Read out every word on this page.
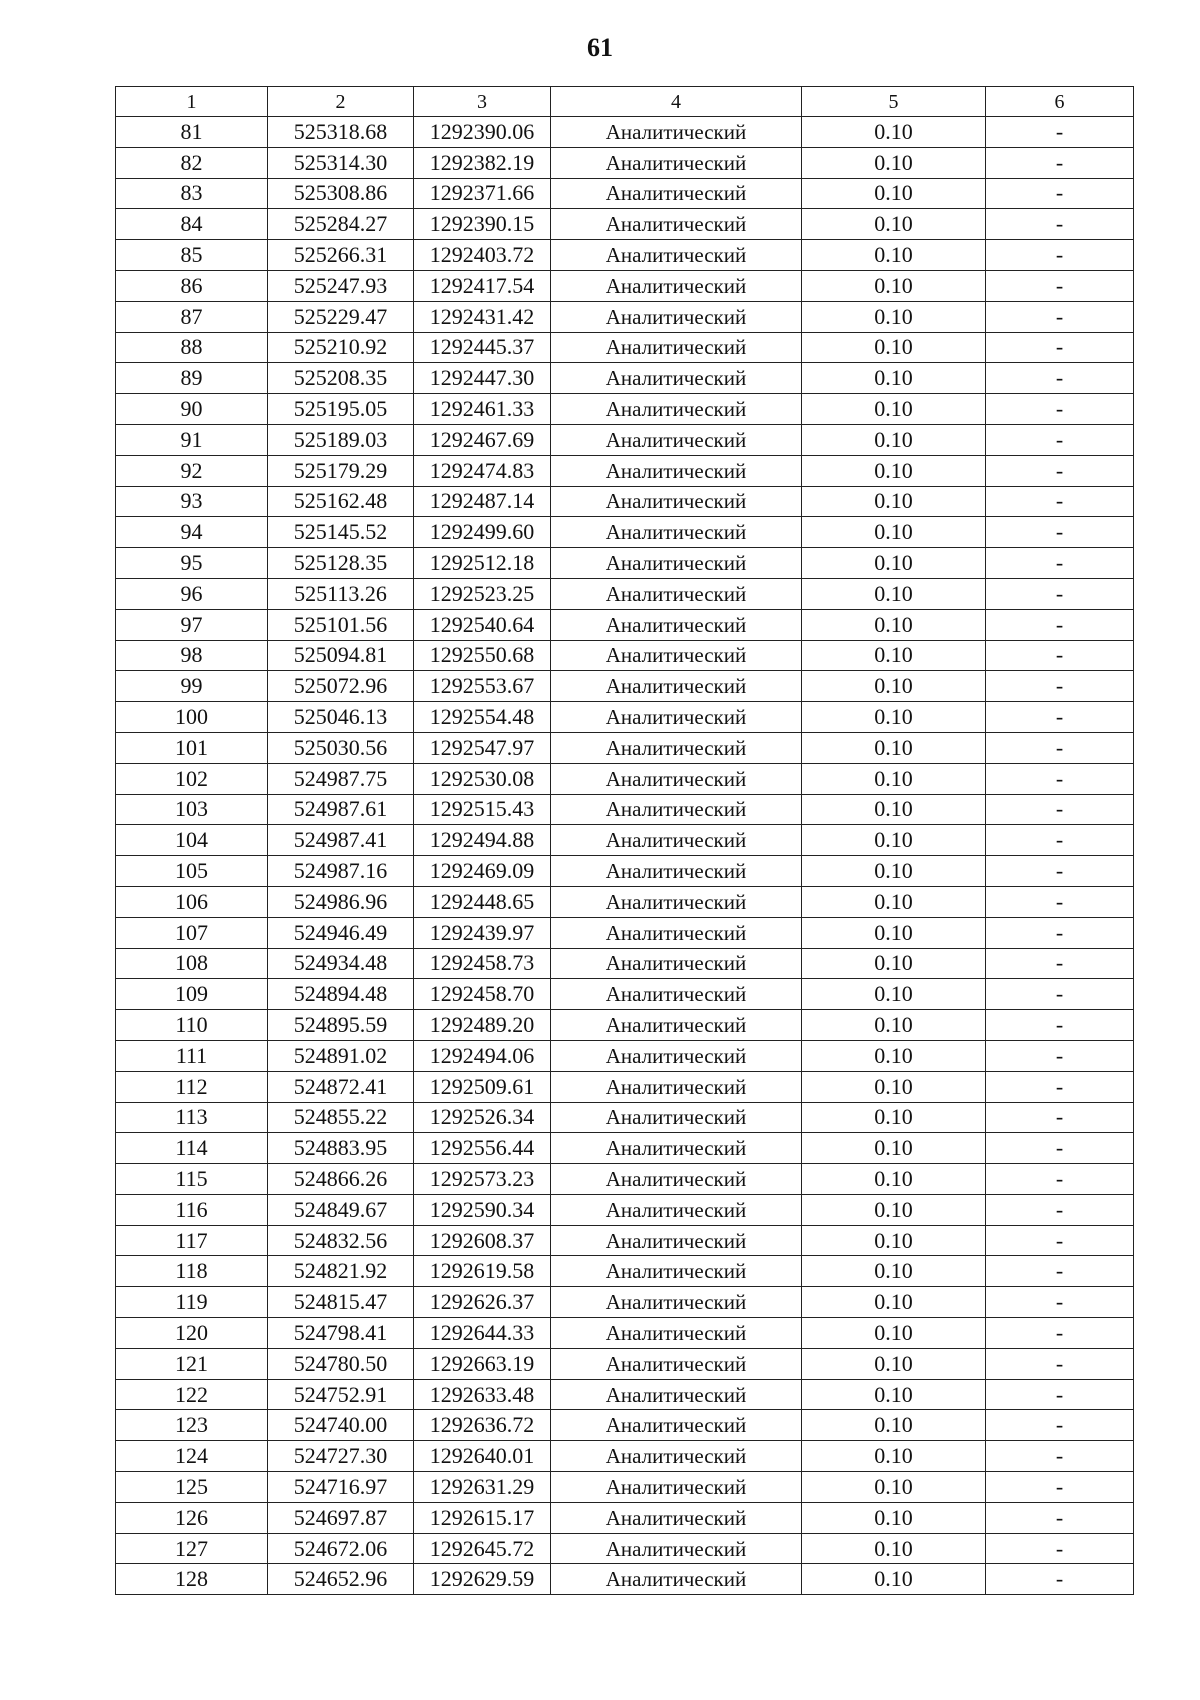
61
1	2	3	4	5	6
81	525318.68	1292390.06	Аналитический	0.10	-
82	525314.30	1292382.19	Аналитический	0.10	-
83	525308.86	1292371.66	Аналитический	0.10	-
84	525284.27	1292390.15	Аналитический	0.10	-
85	525266.31	1292403.72	Аналитический	0.10	-
86	525247.93	1292417.54	Аналитический	0.10	-
87	525229.47	1292431.42	Аналитический	0.10	-
88	525210.92	1292445.37	Аналитический	0.10	-
89	525208.35	1292447.30	Аналитический	0.10	-
90	525195.05	1292461.33	Аналитический	0.10	-
91	525189.03	1292467.69	Аналитический	0.10	-
92	525179.29	1292474.83	Аналитический	0.10	-
93	525162.48	1292487.14	Аналитический	0.10	-
94	525145.52	1292499.60	Аналитический	0.10	-
95	525128.35	1292512.18	Аналитический	0.10	-
96	525113.26	1292523.25	Аналитический	0.10	-
97	525101.56	1292540.64	Аналитический	0.10	-
98	525094.81	1292550.68	Аналитический	0.10	-
99	525072.96	1292553.67	Аналитический	0.10	-
100	525046.13	1292554.48	Аналитический	0.10	-
101	525030.56	1292547.97	Аналитический	0.10	-
102	524987.75	1292530.08	Аналитический	0.10	-
103	524987.61	1292515.43	Аналитический	0.10	-
104	524987.41	1292494.88	Аналитический	0.10	-
105	524987.16	1292469.09	Аналитический	0.10	-
106	524986.96	1292448.65	Аналитический	0.10	-
107	524946.49	1292439.97	Аналитический	0.10	-
108	524934.48	1292458.73	Аналитический	0.10	-
109	524894.48	1292458.70	Аналитический	0.10	-
110	524895.59	1292489.20	Аналитический	0.10	-
111	524891.02	1292494.06	Аналитический	0.10	-
112	524872.41	1292509.61	Аналитический	0.10	-
113	524855.22	1292526.34	Аналитический	0.10	-
114	524883.95	1292556.44	Аналитический	0.10	-
115	524866.26	1292573.23	Аналитический	0.10	-
116	524849.67	1292590.34	Аналитический	0.10	-
117	524832.56	1292608.37	Аналитический	0.10	-
118	524821.92	1292619.58	Аналитический	0.10	-
119	524815.47	1292626.37	Аналитический	0.10	-
120	524798.41	1292644.33	Аналитический	0.10	-
121	524780.50	1292663.19	Аналитический	0.10	-
122	524752.91	1292633.48	Аналитический	0.10	-
123	524740.00	1292636.72	Аналитический	0.10	-
124	524727.30	1292640.01	Аналитический	0.10	-
125	524716.97	1292631.29	Аналитический	0.10	-
126	524697.87	1292615.17	Аналитический	0.10	-
127	524672.06	1292645.72	Аналитический	0.10	-
128	524652.96	1292629.59	Аналитический	0.10	-
